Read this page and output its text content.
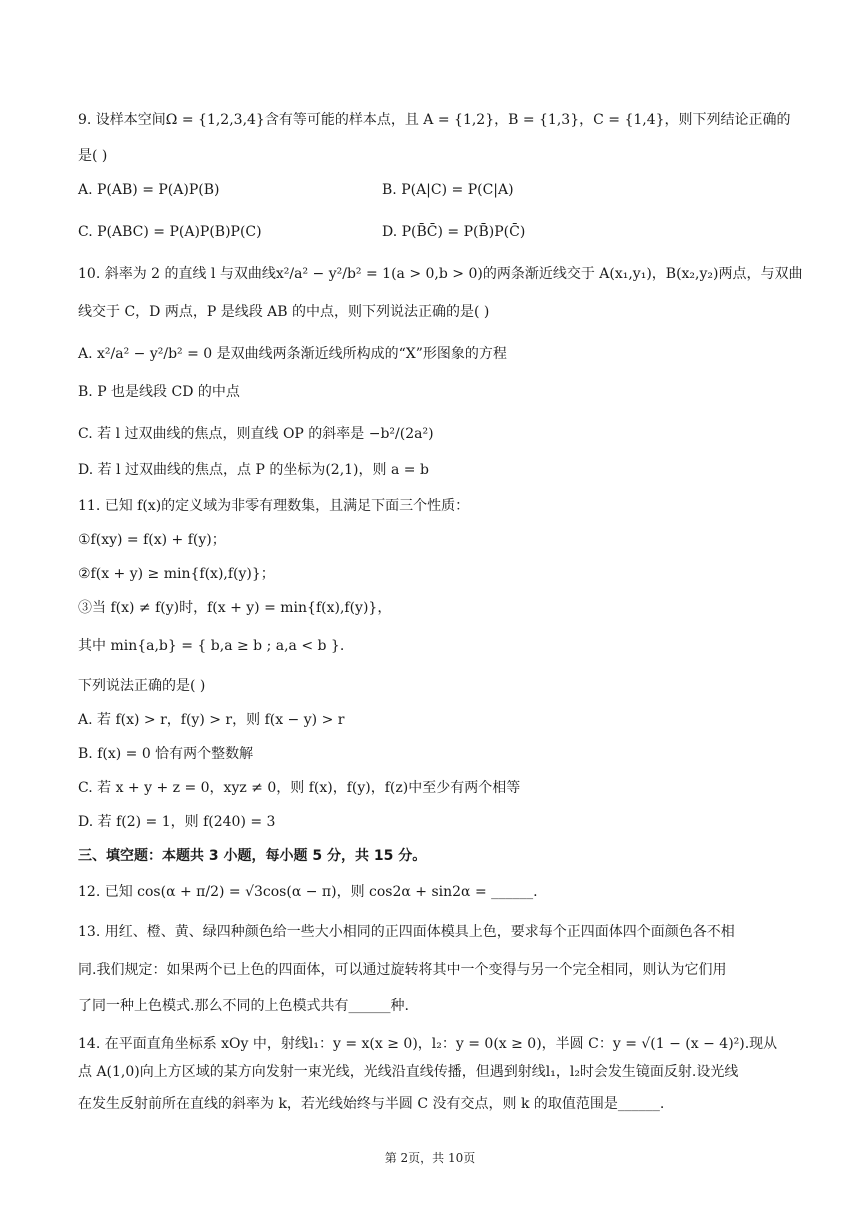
9. 设样本空间Ω = {1,2,3,4}含有等可能的样本点，且 A = {1,2}，B = {1,3}，C = {1,4}，则下列结论正确的
是( )
A. P(AB) = P(A)P(B)	B. P(A|C) = P(C|A)
C. P(ABC) = P(A)P(B)P(C)	D. P(B̄C̄) = P(B̄)P(C̄)
10. 斜率为 2 的直线 l 与双曲线x²/a² − y²/b² = 1(a > 0,b > 0)的两条渐近线交于 A(x₁,y₁)，B(x₂,y₂)两点，与双曲
线交于 C，D 两点，P 是线段 AB 的中点，则下列说法正确的是( )
A. x²/a² − y²/b² = 0 是双曲线两条渐近线所构成的“X”形图象的方程
B. P 也是线段 CD 的中点
C. 若 l 过双曲线的焦点，则直线 OP 的斜率是 −b²/(2a²)
D. 若 l 过双曲线的焦点，点 P 的坐标为(2,1)，则 a = b
11. 已知 f(x)的定义域为非零有理数集，且满足下面三个性质：
①f(xy) = f(x) + f(y)；
②f(x + y) ≥ min{f(x),f(y)}；
③当 f(x) ≠ f(y)时，f(x + y) = min{f(x),f(y)}，
其中 min{a,b} = { b,a ≥ b ; a,a < b }.
下列说法正确的是( )
A. 若 f(x) > r，f(y) > r，则 f(x − y) > r
B. f(x) = 0 恰有两个整数解
C. 若 x + y + z = 0，xyz ≠ 0，则 f(x)，f(y)，f(z)中至少有两个相等
D. 若 f(2) = 1，则 f(240) = 3
三、填空题：本题共 3 小题，每小题 5 分，共 15 分。
12. 已知 cos(α + π/2) = √3cos(α − π)，则 cos2α + sin2α = ______.
13. 用红、橙、黄、绿四种颜色给一些大小相同的正四面体模具上色，要求每个正四面体四个面颜色各不相
同.我们规定：如果两个已上色的四面体，可以通过旋转将其中一个变得与另一个完全相同，则认为它们用
了同一种上色模式.那么不同的上色模式共有______种.
14. 在平面直角坐标系 xOy 中，射线l₁：y = x(x ≥ 0)，l₂：y = 0(x ≥ 0)，半圆 C：y = √(1 − (x − 4)²).现从
点 A(1,0)向上方区域的某方向发射一束光线，光线沿直线传播，但遇到射线l₁，l₂时会发生镜面反射.设光线
在发生反射前所在直线的斜率为 k，若光线始终与半圆 C 没有交点，则 k 的取值范围是______.
第 2页，共 10页
